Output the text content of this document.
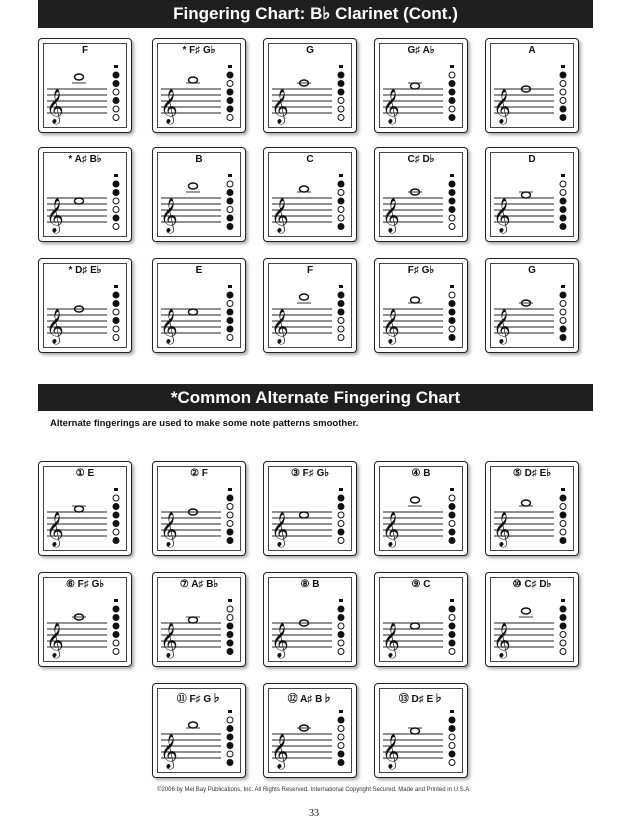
Fingering Chart: B♭ Clarinet (Cont.)
F
𝄞
* F♯ G♭
𝄞
G
𝄞
G♯ A♭
𝄞
A
𝄞
* A♯ B♭
𝄞
B
𝄞
C
𝄞
C♯ D♭
𝄞
D
𝄞
* D♯ E♭
𝄞
E
𝄞
F
𝄞
F♯ G♭
𝄞
G
𝄞
*Common Alternate Fingering Chart
Alternate fingerings are used to make some note patterns smoother.
① E
𝄞
② F
𝄞
③ F♯ G♭
𝄞
④ B
𝄞
⑤ D♯ E♭
𝄞
⑥ F♯ G♭
𝄞
⑦ A♯ B♭
𝄞
⑧ B
𝄞
⑨ C
𝄞
⑩ C♯ D♭
𝄞
⑪ F♯ G♭
𝄞
⑫ A♯ B♭
𝄞
⑬ D♯ E♭
𝄞
©2006 by Mel Bay Publications, Inc. All Rights Reserved. International Copyright Secured. Made and Printed in U.S.A.
33
